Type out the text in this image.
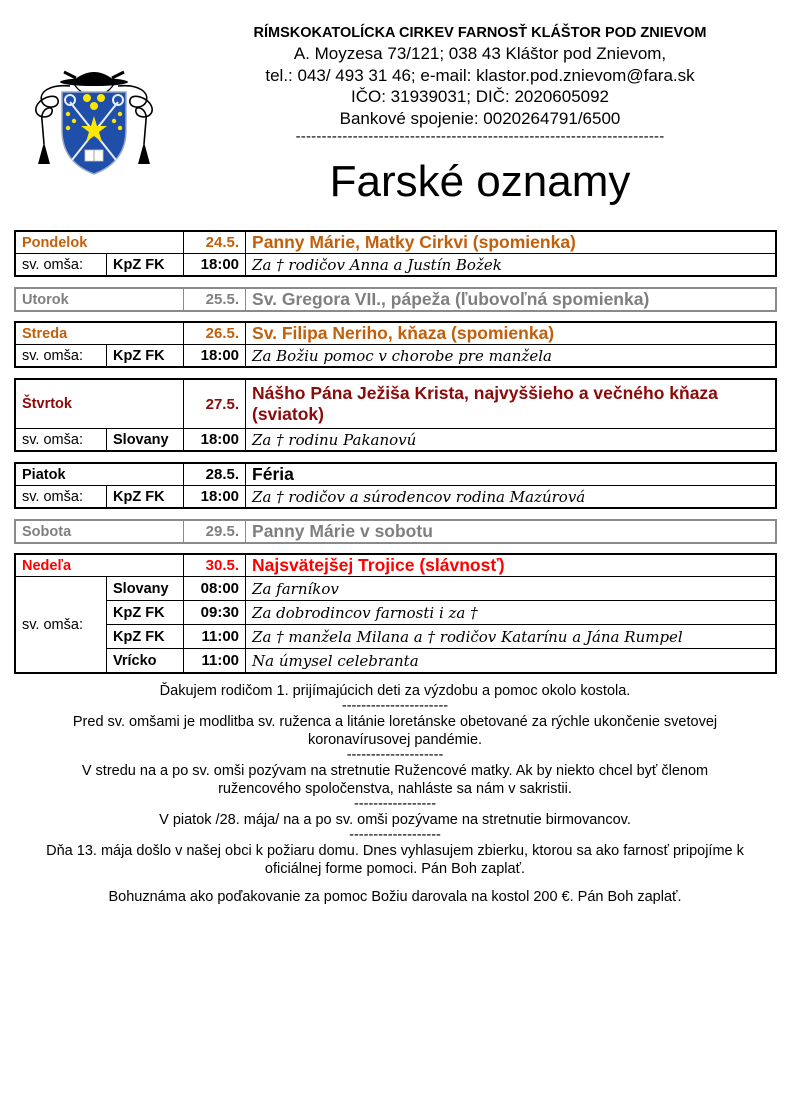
RÍMSKOKATOLÍCKA CIRKEV FARNOSŤ KLÁŠTOR POD ZNIEVOM
A. Moyzesa 73/121; 038 43 Kláštor pod Znievom,
tel.: 043/ 493 31 46; e-mail: klastor.pod.znievom@fara.sk
IČO: 31939031; DIČ: 2020605092
Bankové spojenie: 0020264791/6500
-----------------------------------------------------------------------
Farské oznamy
Pondelok		24.5.	Panny Márie, Matky Cirkvi (spomienka)
sv. omša:	KpZ FK	18:00	Za † rodičov Anna a Justín Božek
Utorok	25.5.	Sv. Gregora VII., pápeža (ľubovoľná spomienka)
Streda		26.5.	Sv. Filipa Neriho, kňaza (spomienka)
sv. omša:	KpZ FK	18:00	Za Božiu pomoc v chorobe pre manžela
Štvrtok		27.5.	Nášho Pána Ježiša Krista, najvyššieho a večného kňaza
(sviatok)

sv. omša:	Slovany	18:00	Za † rodinu Pakanovú
Piatok		28.5.	Féria
sv. omša:	KpZ FK	18:00	Za † rodičov a súrodencov rodina Mazúrová
Sobota	29.5.	Panny Márie v sobotu
Nedeľa		30.5.	Najsvätejšej Trojice (slávnosť)
sv. omša:	Slovany	08:00	Za farníkov
	KpZ FK	09:30	Za dobrodincov farnosti i za †
	KpZ FK	11:00	Za † manžela Milana a † rodičov Katarínu a Jána Rumpel
	Vrícko	11:00	Na úmysel celebranta

Ďakujem rodičom 1. prijímajúcich deti za výzdobu a pomoc okolo kostola.

----------------------

Pred sv. omšami je modlitba sv. ruženca a litánie loretánske obetované za rýchle ukončenie svetovej

koronavírusovej pandémie.

--------------------

V stredu na a po sv. omši pozývam na stretnutie Ružencové matky. Ak by niekto chcel byť členom

ružencového spoločenstva, nahláste sa nám v sakristii.

-----------------

V piatok /28. mája/ na a po sv. omši pozývame na stretnutie birmovancov.

-------------------

Dňa 13. mája došlo v našej obci k požiaru domu. Dnes vyhlasujem zbierku, ktorou sa ako farnosť pripojíme k

oficiálnej forme pomoci. Pán Boh zaplať.

Bohuznáma ako poďakovanie za pomoc Božiu darovala na kostol 200 €. Pán Boh zaplať.
